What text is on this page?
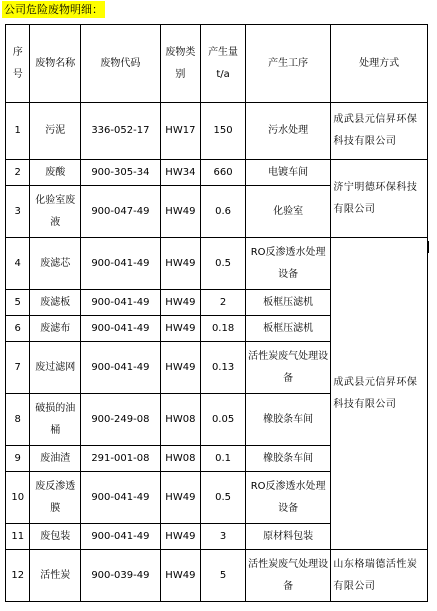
公司危险废物明细：
序号	废物名称	废物代码	废物类别	产生量 t/a	产生工序	处理方式
1	污泥	336-052-17	HW17	150	污水处理	成武县元信昇环保科技有限公司
2	废酸	900-305-34	HW34	660	电镀车间	济宁明德环保科技有限公司
3	化验室废液	900-047-49	HW49	0.6	化验室	
4	废滤芯	900-041-49	HW49	0.5	RO反渗透水处理设备	成武县元信昇环保科技有限公司
5	废滤板	900-041-49	HW49	2	板框压滤机	
6	废滤布	900-041-49	HW49	0.18	板框压滤机	
7	废过滤网	900-041-49	HW49	0.13	活性炭废气处理设备	
8	破损的油桶	900-249-08	HW08	0.05	橡胶条车间	
9	废油渣	291-001-08	HW08	0.1	橡胶条车间	
10	废反渗透膜	900-041-49	HW49	0.5	RO反渗透水处理设备	
11	废包装	900-041-49	HW49	3	原材料包装	
12	活性炭	900-039-49	HW49	5	活性炭废气处理设备	山东格瑞德活性炭有限公司
